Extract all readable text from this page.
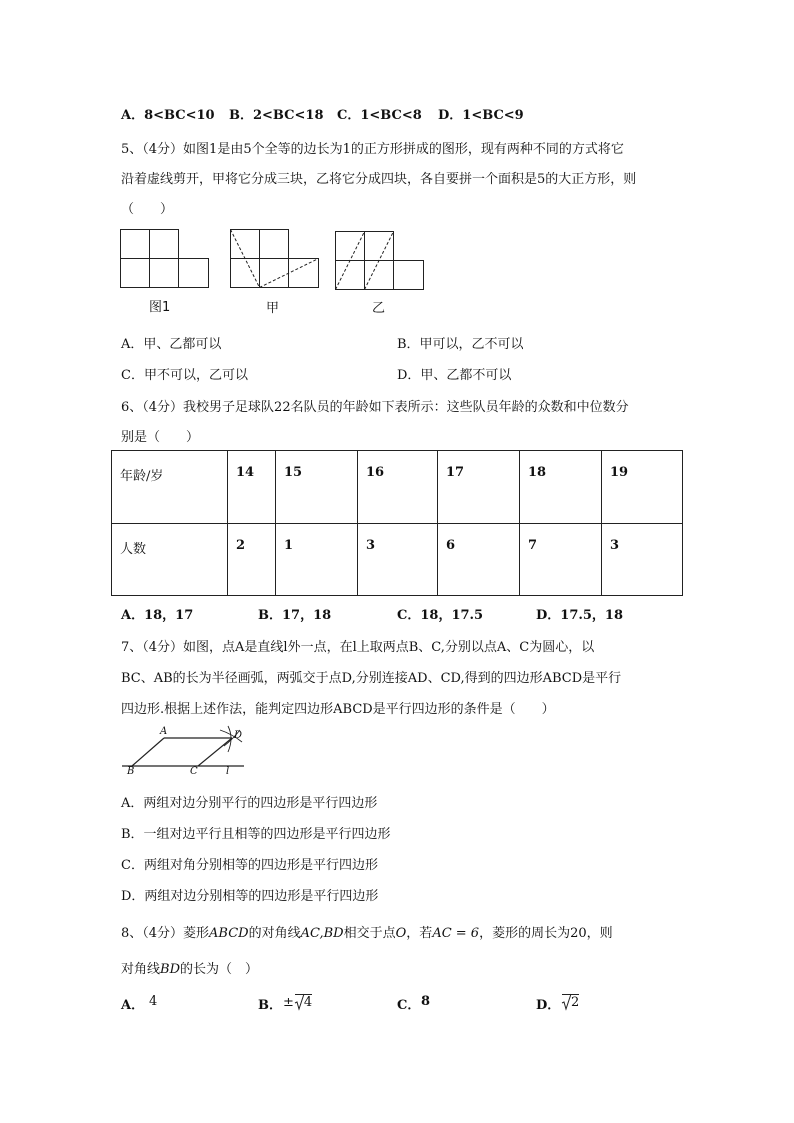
A．8<BC<10 B．2<BC<18 C．1<BC<8 D．1<BC<9
5、（4分）如图1是由5个全等的边长为1的正方形拼成的图形，现有两种不同的方式将它
沿着虚线剪开，甲将它分成三块，乙将它分成四块，各自要拼一个面积是5的大正方形，则
（　　）
图1	甲	乙
A．甲、乙都可以	B．甲可以，乙不可以
C．甲不可以，乙可以	D．甲、乙都不可以
6、（4分）我校男子足球队22名队员的年龄如下表所示：这些队员年龄的众数和中位数分
别是（　　）
年龄/岁	14	15	16	17	18	19
人数	2	1	3	6	7	3
A．18，17	B．17，18	C．18，17.5	D．17.5，18
7、（4分）如图，点A是直线l外一点，在l上取两点B、C,分别以点A、C为圆心，以
BC、AB的长为半径画弧，两弧交于点D,分别连接AD、CD,得到的四边形ABCD是平行
四边形.根据上述作法，能判定四边形ABCD是平行四边形的条件是（　　）
A	D
B	C	l
A．两组对边分别平行的四边形是平行四边形
B．一组对边平行且相等的四边形是平行四边形
C．两组对角分别相等的四边形是平行四边形
D．两组对边分别相等的四边形是平行四边形
8、（4分）菱形ABCD的对角线AC,BD相交于点O，若AC = 6，菱形的周长为20，则
对角线BD的长为（　）
A． 4	B． ± 4	C． 8	D． 2
